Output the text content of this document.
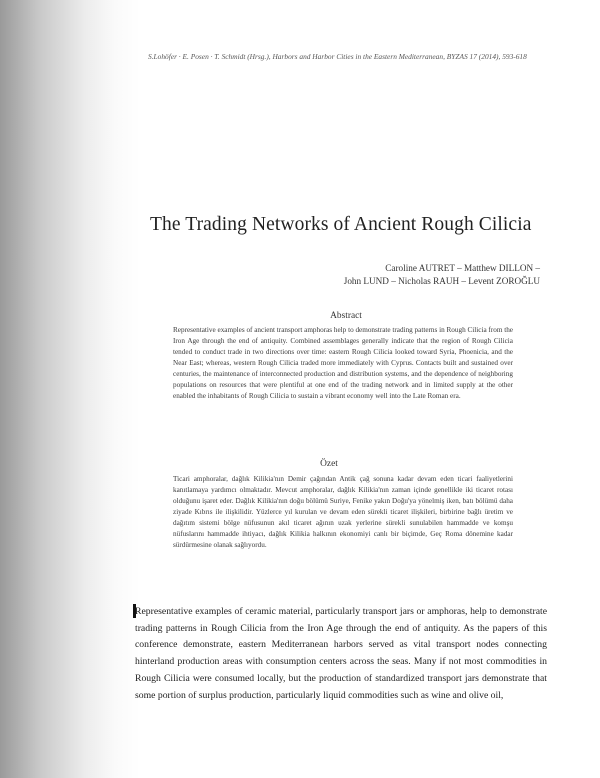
S.Lohöfer · E. Posen · T. Schmidt (Hrsg.), Harbors and Harbor Cities in the Eastern Mediterranean, BYZAS 17 (2014), 593-618
The Trading Networks of Ancient Rough Cilicia
Caroline AUTRET – Matthew DILLON –
John LUND – Nicholas RAUH – Levent ZOROĞLU
Abstract

Representative examples of ancient transport amphoras help to demonstrate trading patterns in Rough Cilicia from the Iron Age through the end of antiquity. Combined assemblages generally indicate that the region of Rough Cilicia tended to conduct trade in two directions over time: eastern Rough Cilicia looked toward Syria, Phoenicia, and the Near East; whereas, western Rough Cilicia traded more immediately with Cyprus. Contacts built and sustained over centuries, the maintenance of interconnected production and distribution systems, and the dependence of neighboring populations on resources that were plentiful at one end of the trading network and in limited supply at the other enabled the inhabitants of Rough Cilicia to sustain a vibrant economy well into the Late Roman era.

Özet

Ticari amphoralar, dağlık Kilikia'nın Demir çağından Antik çağ sonuna kadar devam eden ticari faaliyetlerini kanıtlamaya yardımcı olmaktadır. Mevcut amphoralar, dağlık Kilikia'nın zaman içinde genellikle iki ticaret rotası olduğunu işaret eder. Dağlık Kilikia'nın doğu bölümü Suriye, Fenike yakın Doğu'ya yönelmiş iken, batı bölümü daha ziyade Kıbrıs ile ilişkilidir. Yüzlerce yıl kurulan ve devam eden sürekli ticaret ilişkileri, birbirine bağlı üretim ve dağıtım sistemi bölge nüfusunun akıl ticaret ağının uzak yerlerine sürekli sunulabilen hammadde ve komşu nüfuslarını hammadde ihtiyacı, dağlık Kilikia halkının ekonomiyi canlı bir biçimde, Geç Roma dönemine kadar sürdürmesine olanak sağlıyordu.

Representative examples of ceramic material, particularly transport jars or amphoras, help to demonstrate trading patterns in Rough Cilicia from the Iron Age through the end of antiquity. As the papers of this conference demonstrate, eastern Mediterranean harbors served as vital transport nodes connecting hinterland production areas with consumption centers across the seas. Many if not most commodities in Rough Cilicia were consumed locally, but the production of standardized transport jars demonstrate that some portion of surplus production, particularly liquid commodities such as wine and olive oil,
